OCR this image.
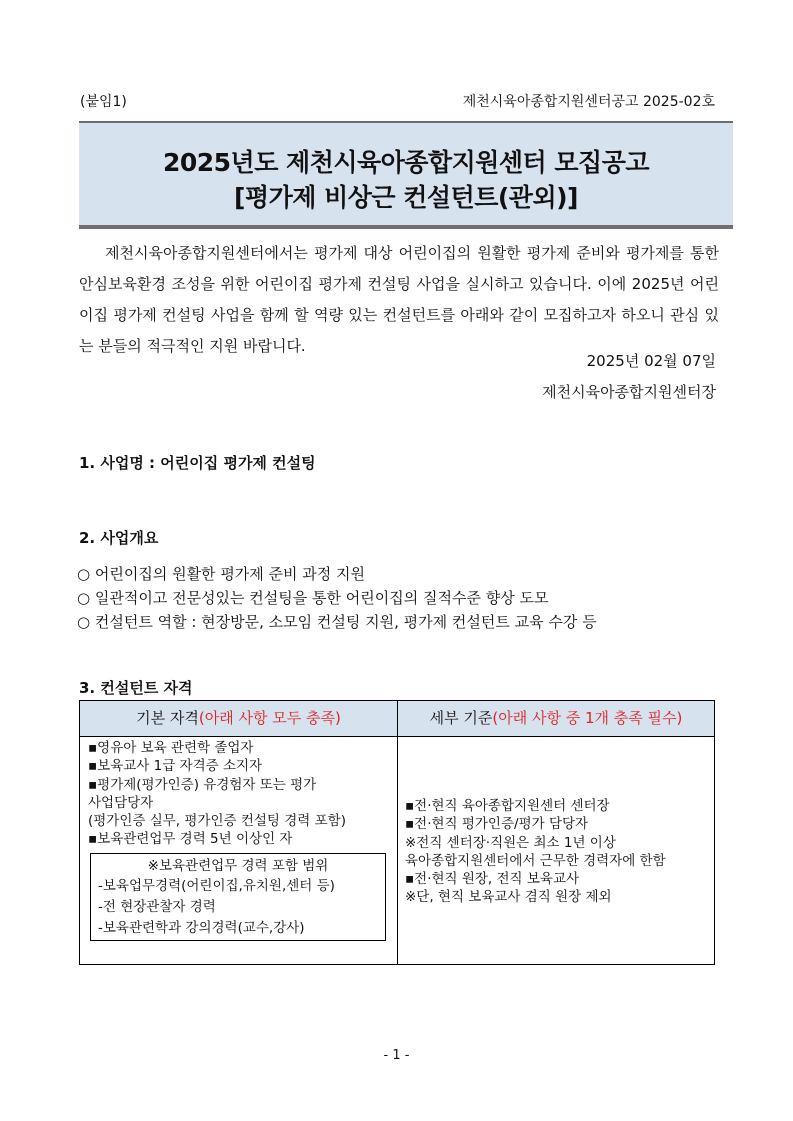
(붙임1)	제천시육아종합지원센터공고 2025-02호
2025년도 제천시육아종합지원센터 모집공고
[평가제 비상근 컨설턴트(관외)]

제천시육아종합지원센터에서는 평가제 대상 어린이집의 원활한 평가제 준비와 평가제를 통한 안심보육환경 조성을 위한 어린이집 평가제 컨설팅 사업을 실시하고 있습니다. 이에 2025년 어린이집 평가제 컨설팅 사업을 함께 할 역량 있는 컨설턴트를 아래와 같이 모집하고자 하오니 관심 있는 분들의 적극적인 지원 바랍니다.

2025년 02월 07일
제천시육아종합지원센터장
1. 사업명 : 어린이집 평가제 컨설팅
2. 사업개요
○ 어린이집의 원활한 평가제 준비 과정 지원
○ 일관적이고 전문성있는 컨설팅을 통한 어린이집의 질적수준 향상 도모
○ 컨설턴트 역할 : 현장방문, 소모임 컨설팅 지원, 평가제 컨설턴트 교육 수강 등
3. 컨설턴트 자격
기본 자격(아래 사항 모두 충족)	세부 기준(아래 사항 중 1개 충족 필수)
▪영유아 보육 관련학 졸업자
▪보육교사 1급 자격증 소지자
▪평가제(평가인증) 유경험자 또는 평가
사업담당자
(평가인증 실무, 평가인증 컨설팅 경력 포함)
▪보육관련업무 경력 5년 이상인 자
※보육관련업무 경력 포함 범위
-보육업무경력(어린이집,유치원,센터 등)
-전 현장관찰자 경력
-보육관련학과 강의경력(교수,강사)
▪전·현직 육아종합지원센터 센터장
▪전·현직 평가인증/평가 담당자
※전직 센터장·직원은 최소 1년 이상
육아종합지원센터에서 근무한 경력자에 한함
▪전·현직 원장, 전직 보육교사
※단, 현직 보육교사 겸직 원장 제외
- 1 -
